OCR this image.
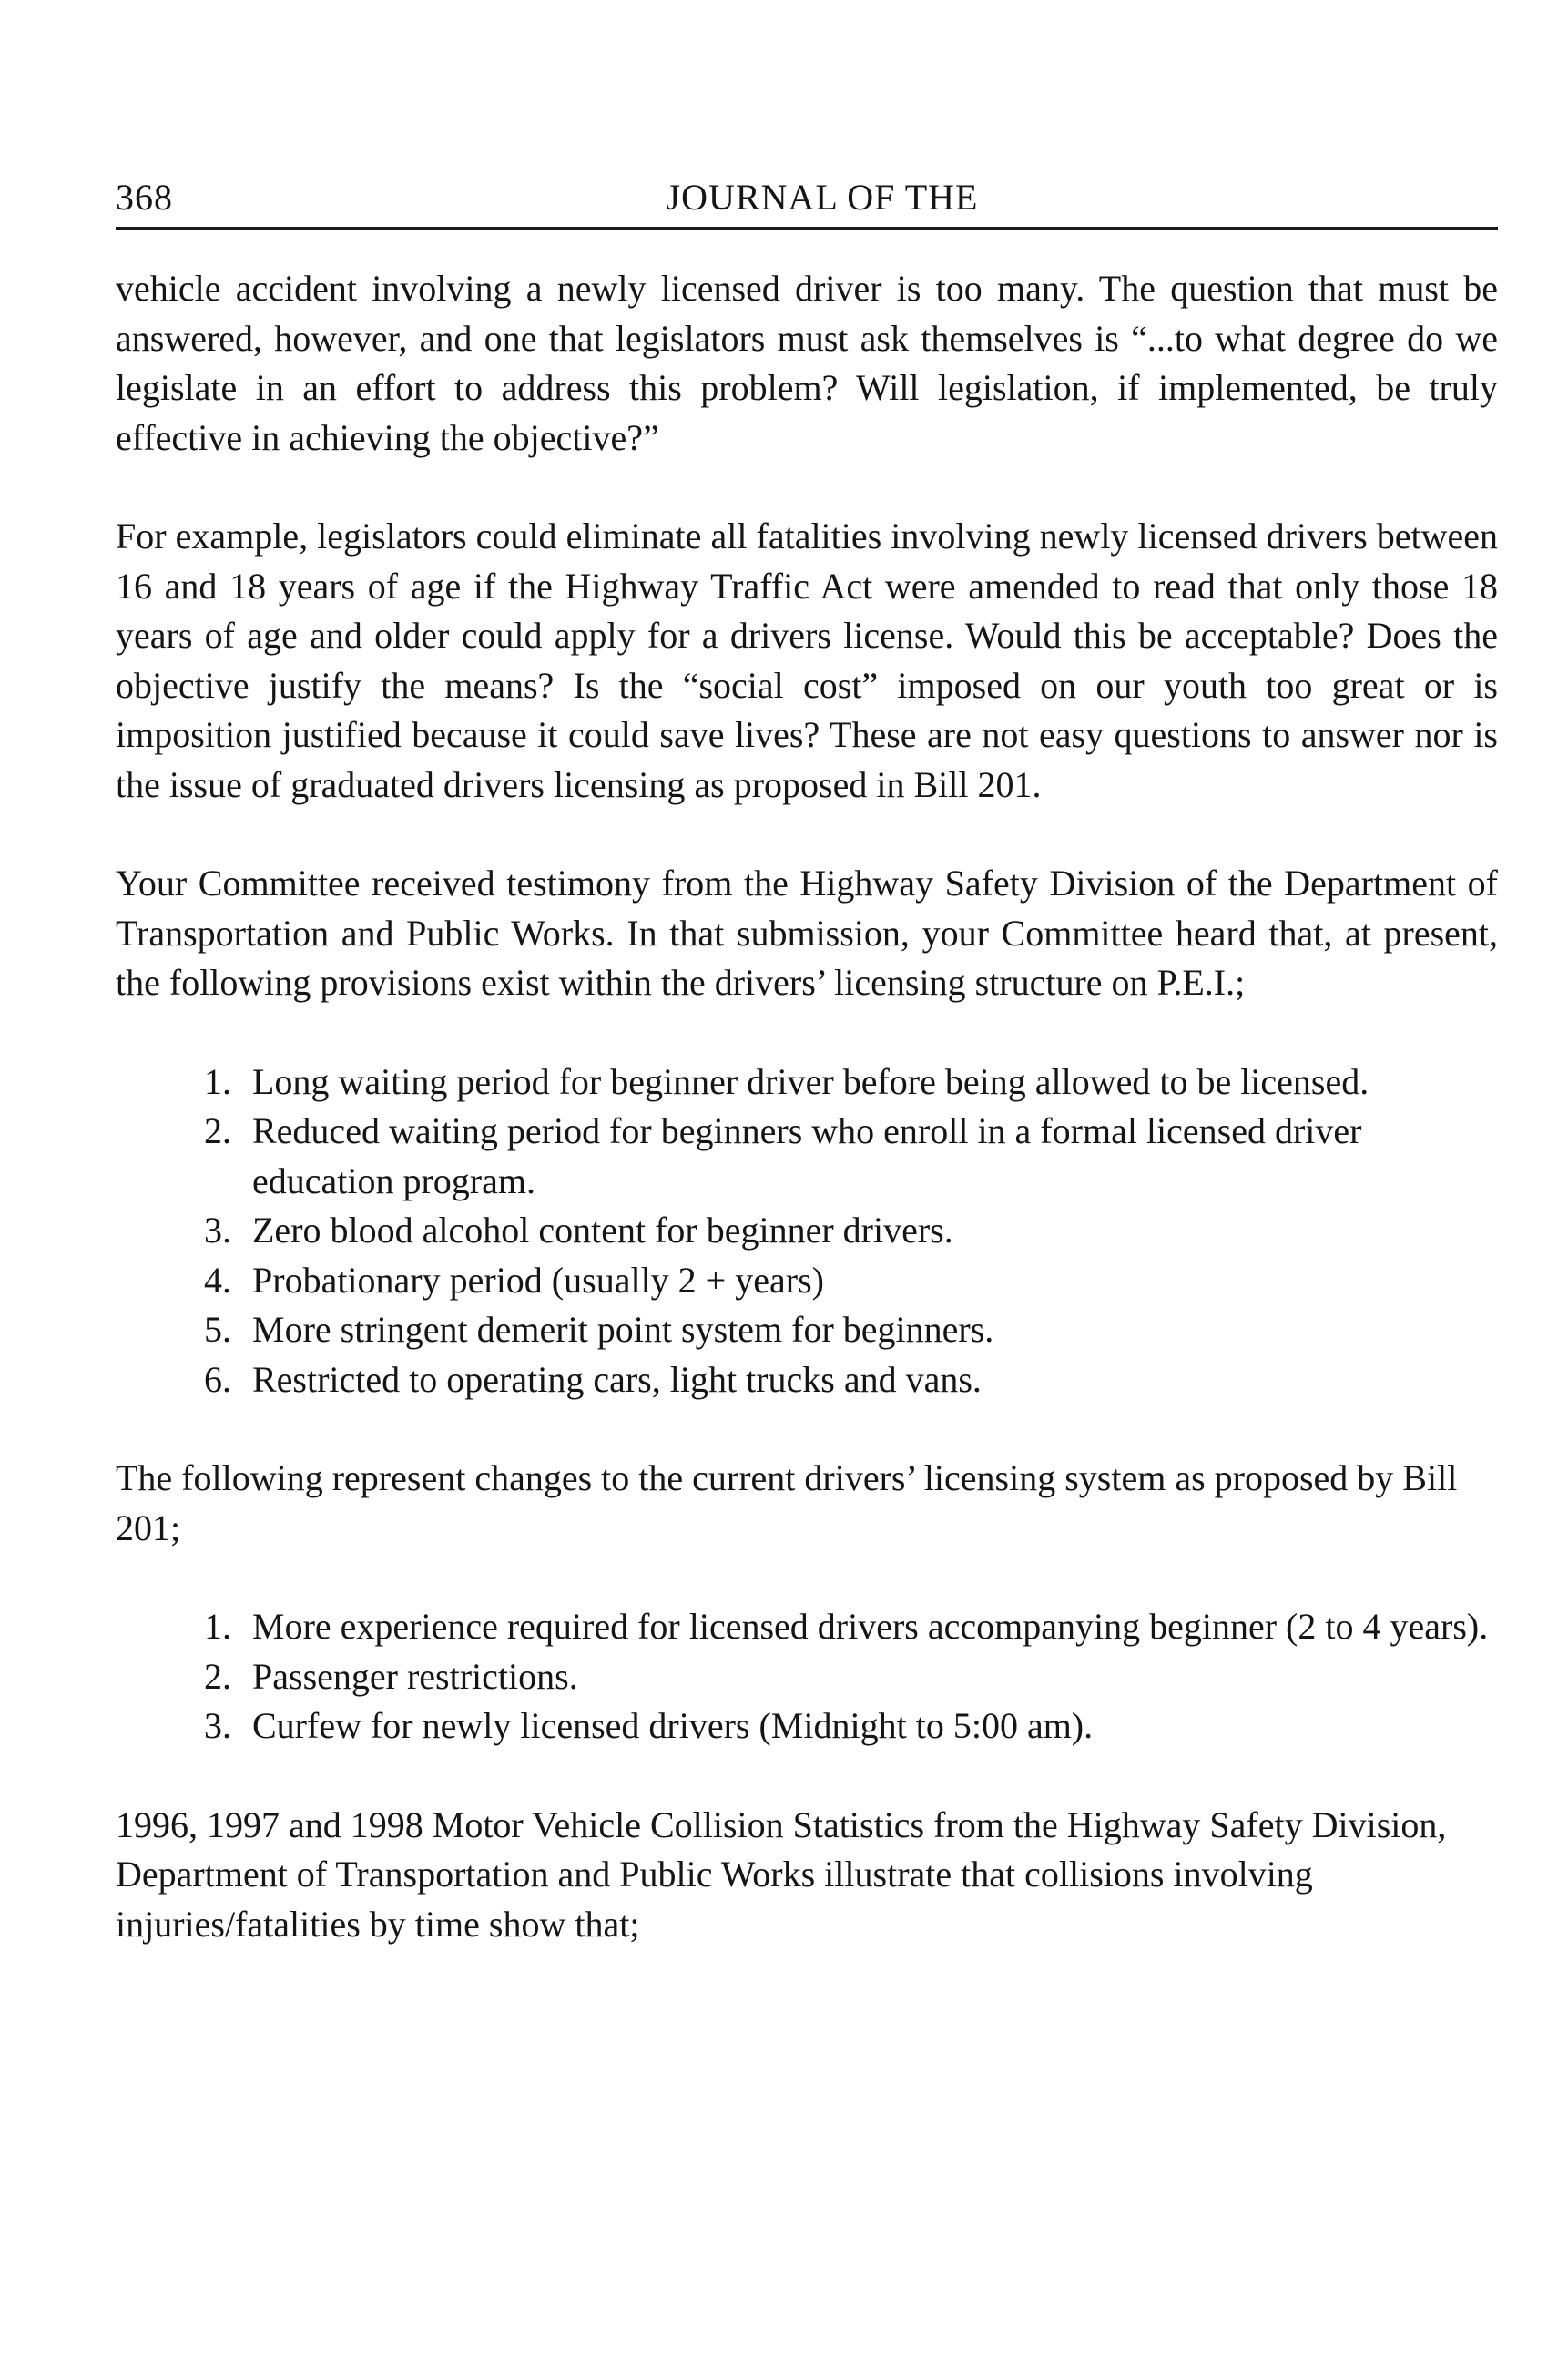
368	JOURNAL OF THE

vehicle accident involving a newly licensed driver is too many. The question that must be answered, however, and one that legislators must ask themselves is “...to what degree do we legislate in an effort to address this problem? Will legislation, if implemented, be truly effective in achieving the objective?”

For example, legislators could eliminate all fatalities involving newly licensed drivers between 16 and 18 years of age if the Highway Traffic Act were amended to read that only those 18 years of age and older could apply for a drivers license. Would this be acceptable? Does the objective justify the means? Is the “social cost” imposed on our youth too great or is imposition justified because it could save lives? These are not easy questions to answer nor is the issue of graduated drivers licensing as proposed in Bill 201.

Your Committee received testimony from the Highway Safety Division of the Department of Transportation and Public Works. In that submission, your Committee heard that, at present, the following provisions exist within the drivers’ licensing structure on P.E.I.;

1. Long waiting period for beginner driver before being allowed to be licensed.
2. Reduced waiting period for beginners who enroll in a formal licensed driver education program.
3. Zero blood alcohol content for beginner drivers.
4. Probationary period (usually 2 + years)
5. More stringent demerit point system for beginners.
6. Restricted to operating cars, light trucks and vans.

The following represent changes to the current drivers’ licensing system as proposed by Bill 201;

1. More experience required for licensed drivers accompanying beginner (2 to 4 years).
2. Passenger restrictions.
3. Curfew for newly licensed drivers (Midnight to 5:00 am).

1996, 1997 and 1998 Motor Vehicle Collision Statistics from the Highway Safety Division, Department of Transportation and Public Works illustrate that collisions involving injuries/fatalities by time show that;
